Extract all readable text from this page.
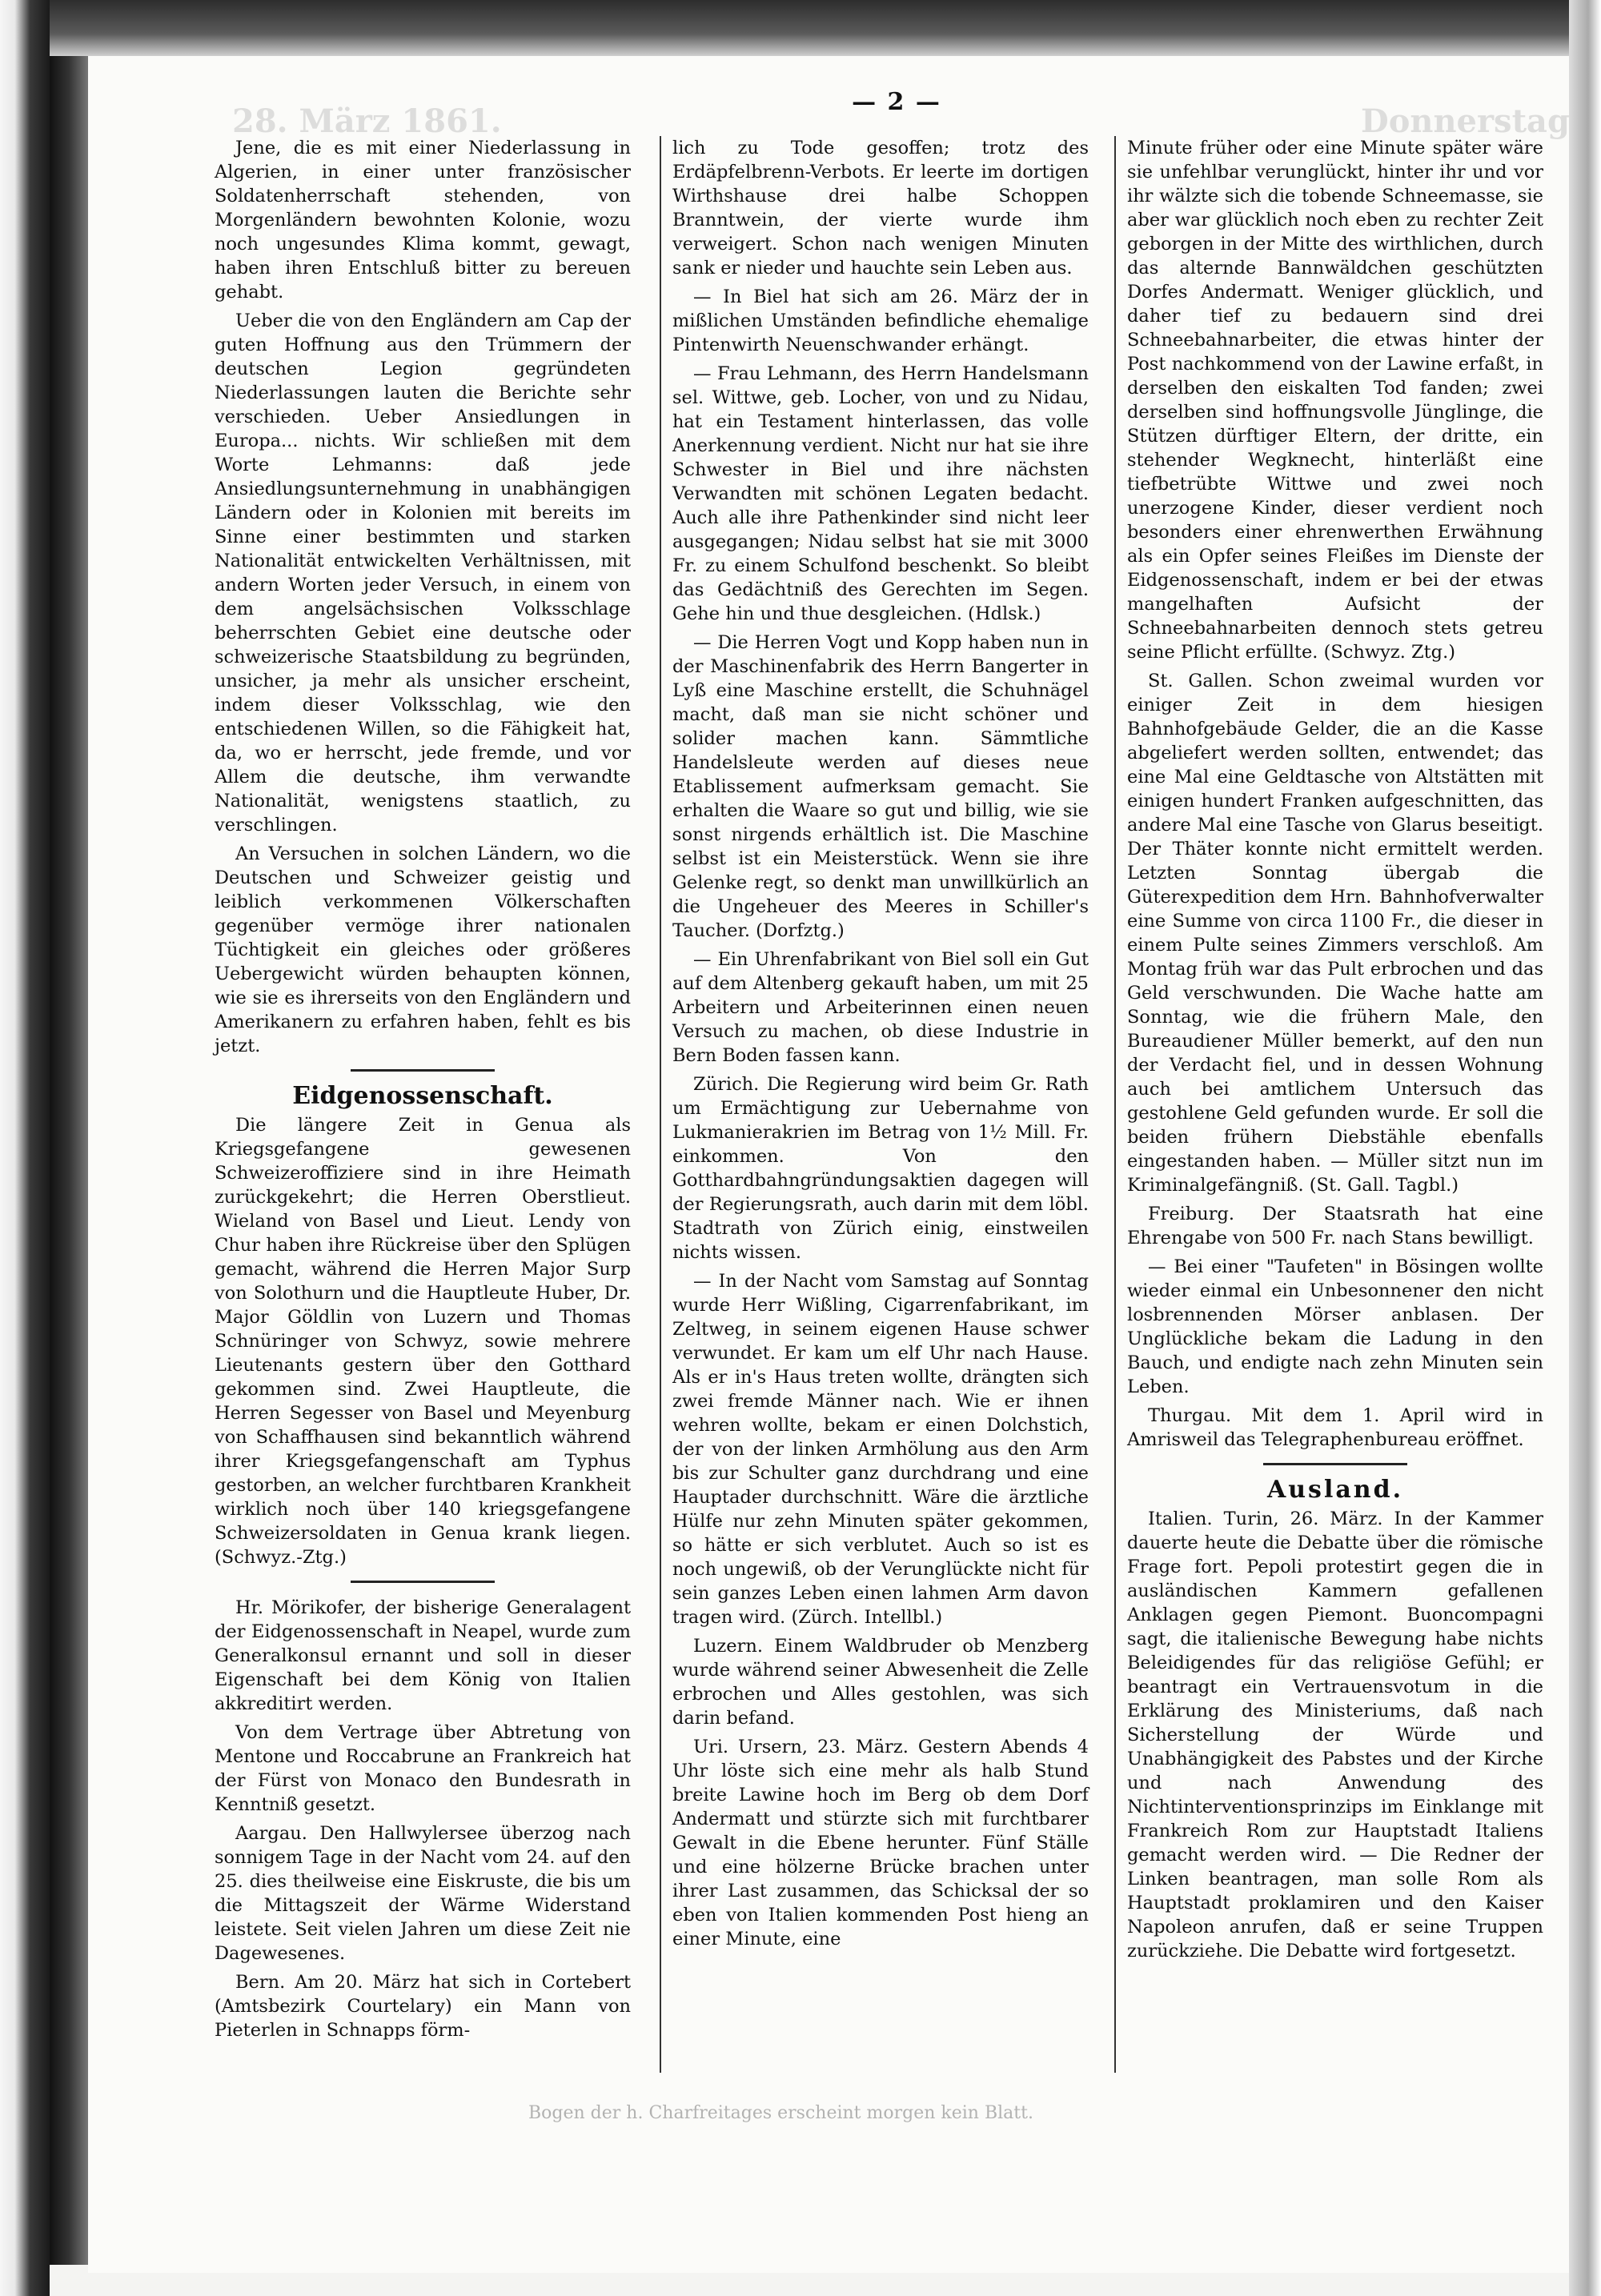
28. März 1861.	Donnerstag
— 2 —

Jene, die es mit einer Niederlassung in Algerien, in einer unter französischer Soldatenherrschaft stehenden, von Morgenländern bewohnten Kolonie, wozu noch ungesundes Klima kommt, gewagt, haben ihren Entschluß bitter zu bereuen gehabt.

Ueber die von den Engländern am Cap der guten Hoffnung aus den Trümmern der deutschen Legion gegründeten Niederlassungen lauten die Berichte sehr verschieden. Ueber Ansiedlungen in Europa... nichts. Wir schließen mit dem Worte Lehmanns: daß jede Ansiedlungsunternehmung in unabhängigen Ländern oder in Kolonien mit bereits im Sinne einer bestimmten und starken Nationalität entwickelten Verhältnissen, mit andern Worten jeder Versuch, in einem von dem angelsächsischen Volksschlage beherrschten Gebiet eine deutsche oder schweizerische Staatsbildung zu begründen, unsicher, ja mehr als unsicher erscheint, indem dieser Volksschlag, wie den entschiedenen Willen, so die Fähigkeit hat, da, wo er herrscht, jede fremde, und vor Allem die deutsche, ihm verwandte Nationalität, wenigstens staatlich, zu verschlingen.

An Versuchen in solchen Ländern, wo die Deutschen und Schweizer geistig und leiblich verkommenen Völkerschaften gegenüber vermöge ihrer nationalen Tüchtigkeit ein gleiches oder größeres Uebergewicht würden behaupten können, wie sie es ihrerseits von den Engländern und Amerikanern zu erfahren haben, fehlt es bis jetzt.

Eidgenossenschaft.

Die längere Zeit in Genua als Kriegsgefangene gewesenen Schweizeroffiziere sind in ihre Heimath zurückgekehrt; die Herren Oberstlieut. Wieland von Basel und Lieut. Lendy von Chur haben ihre Rückreise über den Splügen gemacht, während die Herren Major Surp von Solothurn und die Hauptleute Huber, Dr. Major Göldlin von Luzern und Thomas Schnüringer von Schwyz, sowie mehrere Lieutenants gestern über den Gotthard gekommen sind. Zwei Hauptleute, die Herren Segesser von Basel und Meyenburg von Schaffhausen sind bekanntlich während ihrer Kriegsgefangenschaft am Typhus gestorben, an welcher furchtbaren Krankheit wirklich noch über 140 kriegsgefangene Schweizersoldaten in Genua krank liegen. (Schwyz.-Ztg.)

Hr. Mörikofer, der bisherige Generalagent der Eidgenossenschaft in Neapel, wurde zum Generalkonsul ernannt und soll in dieser Eigenschaft bei dem König von Italien akkreditirt werden.

Von dem Vertrage über Abtretung von Mentone und Roccabrune an Frankreich hat der Fürst von Monaco den Bundesrath in Kenntniß gesetzt.

Aargau. Den Hallwylersee überzog nach sonnigem Tage in der Nacht vom 24. auf den 25. dies theilweise eine Eiskruste, die bis um die Mittagszeit der Wärme Widerstand leistete. Seit vielen Jahren um diese Zeit nie Dagewesenes.

Bern. Am 20. März hat sich in Cortebert (Amtsbezirk Courtelary) ein Mann von Pieterlen in Schnapps förm-

lich zu Tode gesoffen; trotz des Erdäpfelbrenn-Verbots. Er leerte im dortigen Wirthshause drei halbe Schoppen Branntwein, der vierte wurde ihm verweigert. Schon nach wenigen Minuten sank er nieder und hauchte sein Leben aus.

— In Biel hat sich am 26. März der in mißlichen Umständen befindliche ehemalige Pintenwirth Neuenschwander erhängt.

— Frau Lehmann, des Herrn Handelsmann sel. Wittwe, geb. Locher, von und zu Nidau, hat ein Testament hinterlassen, das volle Anerkennung verdient. Nicht nur hat sie ihre Schwester in Biel und ihre nächsten Verwandten mit schönen Legaten bedacht. Auch alle ihre Pathenkinder sind nicht leer ausgegangen; Nidau selbst hat sie mit 3000 Fr. zu einem Schulfond beschenkt. So bleibt das Gedächtniß des Gerechten im Segen. Gehe hin und thue desgleichen. (Hdlsk.)

— Die Herren Vogt und Kopp haben nun in der Maschinenfabrik des Herrn Bangerter in Lyß eine Maschine erstellt, die Schuhnägel macht, daß man sie nicht schöner und solider machen kann. Sämmtliche Handelsleute werden auf dieses neue Etablissement aufmerksam gemacht. Sie erhalten die Waare so gut und billig, wie sie sonst nirgends erhältlich ist. Die Maschine selbst ist ein Meisterstück. Wenn sie ihre Gelenke regt, so denkt man unwillkürlich an die Ungeheuer des Meeres in Schiller's Taucher. (Dorfztg.)

— Ein Uhrenfabrikant von Biel soll ein Gut auf dem Altenberg gekauft haben, um mit 25 Arbeitern und Arbeiterinnen einen neuen Versuch zu machen, ob diese Industrie in Bern Boden fassen kann.

Zürich. Die Regierung wird beim Gr. Rath um Ermächtigung zur Uebernahme von Lukmanierakrien im Betrag von 1½ Mill. Fr. einkommen. Von den Gotthardbahngründungsaktien dagegen will der Regierungsrath, auch darin mit dem löbl. Stadtrath von Zürich einig, einstweilen nichts wissen.

— In der Nacht vom Samstag auf Sonntag wurde Herr Wißling, Cigarrenfabrikant, im Zeltweg, in seinem eigenen Hause schwer verwundet. Er kam um elf Uhr nach Hause. Als er in's Haus treten wollte, drängten sich zwei fremde Männer nach. Wie er ihnen wehren wollte, bekam er einen Dolchstich, der von der linken Armhölung aus den Arm bis zur Schulter ganz durchdrang und eine Hauptader durchschnitt. Wäre die ärztliche Hülfe nur zehn Minuten später gekommen, so hätte er sich verblutet. Auch so ist es noch ungewiß, ob der Verunglückte nicht für sein ganzes Leben einen lahmen Arm davon tragen wird. (Zürch. Intellbl.)

Luzern. Einem Waldbruder ob Menzberg wurde während seiner Abwesenheit die Zelle erbrochen und Alles gestohlen, was sich darin befand.

Uri. Ursern, 23. März. Gestern Abends 4 Uhr löste sich eine mehr als halb Stund breite Lawine hoch im Berg ob dem Dorf Andermatt und stürzte sich mit furchtbarer Gewalt in die Ebene herunter. Fünf Ställe und eine hölzerne Brücke brachen unter ihrer Last zusammen, das Schicksal der so eben von Italien kommenden Post hieng an einer Minute, eine

Minute früher oder eine Minute später wäre sie unfehlbar verunglückt, hinter ihr und vor ihr wälzte sich die tobende Schneemasse, sie aber war glücklich noch eben zu rechter Zeit geborgen in der Mitte des wirthlichen, durch das alternde Bannwäldchen geschützten Dorfes Andermatt. Weniger glücklich, und daher tief zu bedauern sind drei Schneebahnarbeiter, die etwas hinter der Post nachkommend von der Lawine erfaßt, in derselben den eiskalten Tod fanden; zwei derselben sind hoffnungsvolle Jünglinge, die Stützen dürftiger Eltern, der dritte, ein stehender Wegknecht, hinterläßt eine tiefbetrübte Wittwe und zwei noch unerzogene Kinder, dieser verdient noch besonders einer ehrenwerthen Erwähnung als ein Opfer seines Fleißes im Dienste der Eidgenossenschaft, indem er bei der etwas mangelhaften Aufsicht der Schneebahnarbeiten dennoch stets getreu seine Pflicht erfüllte. (Schwyz. Ztg.)

St. Gallen. Schon zweimal wurden vor einiger Zeit in dem hiesigen Bahnhofgebäude Gelder, die an die Kasse abgeliefert werden sollten, entwendet; das eine Mal eine Geldtasche von Altstätten mit einigen hundert Franken aufgeschnitten, das andere Mal eine Tasche von Glarus beseitigt. Der Thäter konnte nicht ermittelt werden. Letzten Sonntag übergab die Güterexpedition dem Hrn. Bahnhofverwalter eine Summe von circa 1100 Fr., die dieser in einem Pulte seines Zimmers verschloß. Am Montag früh war das Pult erbrochen und das Geld verschwunden. Die Wache hatte am Sonntag, wie die frühern Male, den Bureaudiener Müller bemerkt, auf den nun der Verdacht fiel, und in dessen Wohnung auch bei amtlichem Untersuch das gestohlene Geld gefunden wurde. Er soll die beiden frühern Diebstähle ebenfalls eingestanden haben. — Müller sitzt nun im Kriminalgefängniß. (St. Gall. Tagbl.)

Freiburg. Der Staatsrath hat eine Ehrengabe von 500 Fr. nach Stans bewilligt.

— Bei einer "Taufeten" in Bösingen wollte wieder einmal ein Unbesonnener den nicht losbrennenden Mörser anblasen. Der Unglückliche bekam die Ladung in den Bauch, und endigte nach zehn Minuten sein Leben.

Thurgau. Mit dem 1. April wird in Amrisweil das Telegraphenbureau eröffnet.

Ausland.

Italien. Turin, 26. März. In der Kammer dauerte heute die Debatte über die römische Frage fort. Pepoli protestirt gegen die in ausländischen Kammern gefallenen Anklagen gegen Piemont. Buoncompagni sagt, die italienische Bewegung habe nichts Beleidigendes für das religiöse Gefühl; er beantragt ein Vertrauensvotum in die Erklärung des Ministeriums, daß nach Sicherstellung der Würde und Unabhängigkeit des Pabstes und der Kirche und nach Anwendung des Nichtinterventionsprinzips im Einklange mit Frankreich Rom zur Hauptstadt Italiens gemacht werden wird. — Die Redner der Linken beantragen, man solle Rom als Hauptstadt proklamiren und den Kaiser Napoleon anrufen, daß er seine Truppen zurückziehe. Die Debatte wird fortgesetzt.

Bogen der h. Charfreitages erscheint morgen kein Blatt.
